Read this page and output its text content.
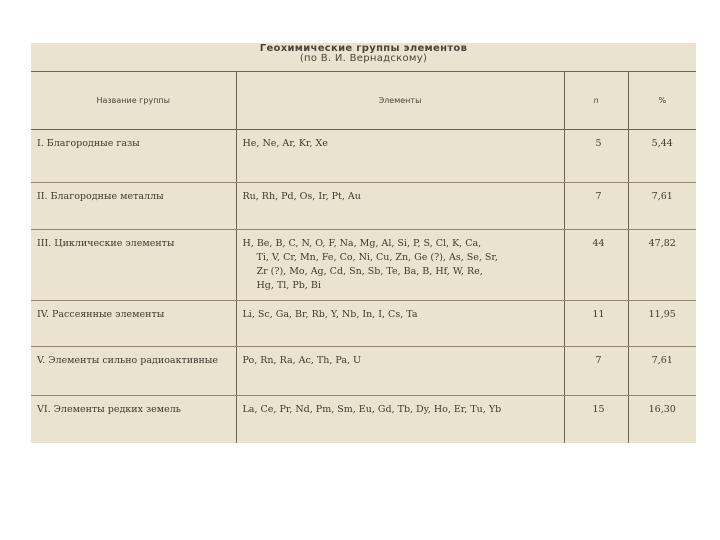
Геохимические группы элементов
(по В. И. Вернадскому)
Название группы	Элементы	n	%
I. Благородные газы	He, Ne, Ar, Kr, Xe	5	5,44
II. Благородные металлы	Ru, Rh, Pd, Os, Ir, Pt, Au	7	7,61
III. Циклические элементы	H, Be, B, C, N, O, F, Na, Mg, Al, Si, P, S, Cl, K, Ca,
Ti, V, Cr, Mn, Fe, Co, Ni, Cu, Zn, Ge (?), As, Se, Sr,
Zr (?), Mo, Ag, Cd, Sn, Sb, Te, Ba, B, Hf, W, Re,
Hg, Tl, Pb, Bi	44	47,82
IV. Рассеянные элементы	Li, Sc, Ga, Br, Rb, Y, Nb, In, I, Cs, Ta	11	11,95
V. Элементы сильно радиоактивные	Po, Rn, Ra, Ac, Th, Pa, U	7	7,61
VI. Элементы редких земель	La, Ce, Pr, Nd, Pm, Sm, Eu, Gd, Tb, Dy, Ho, Er, Tu, Yb	15	16,30
